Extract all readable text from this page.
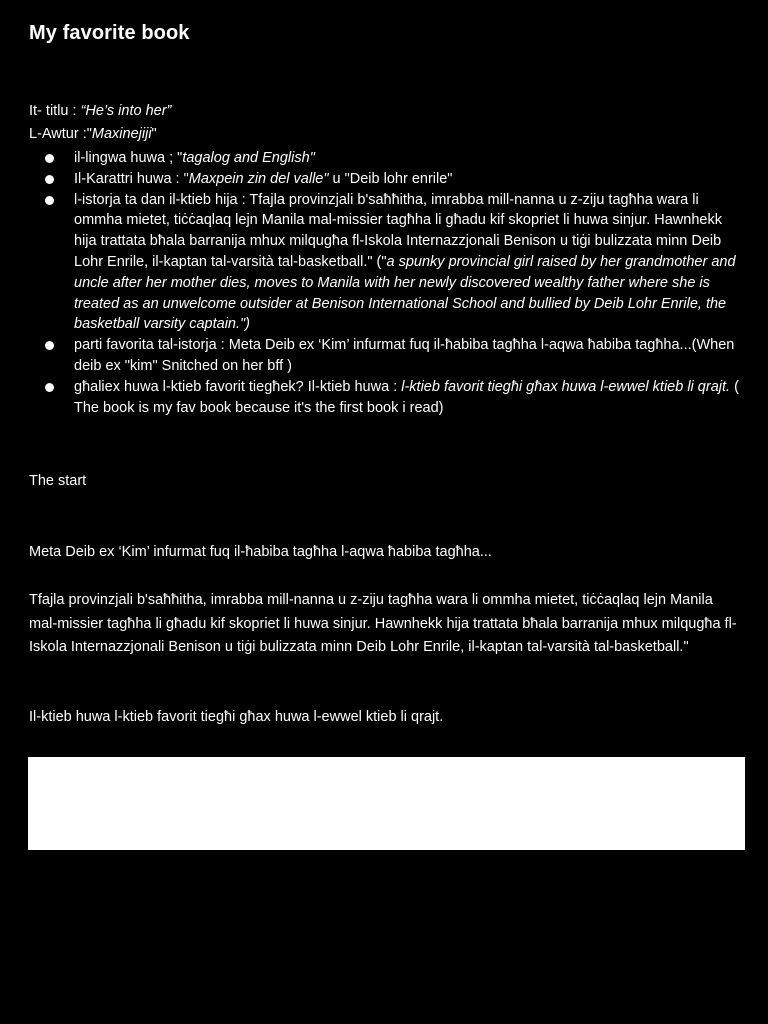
My favorite book
It- titlu : “He’s into her”
L-Awtur :"Maxinejiji"
il-lingwa huwa ; "tagalog and English"
Il-Karattri huwa : "Maxpein zin del valle" u "Deib lohr enrile"
l-istorja ta dan il-ktieb hija : Tfajla provinzjali b'saħħitha, imrabba mill-nanna u z-ziju tagħha wara li ommha mietet, tiċċaqlaq lejn Manila mal-missier tagħha li għadu kif skopriet li huwa sinjur. Hawnhekk hija trattata bħala barranija mhux milqugħa fl-Iskola Internazzjonali Benison u tiġi bulizzata minn Deib Lohr Enrile, il-kaptan tal-varsità tal-basketball." ("a spunky provincial girl raised by her grandmother and uncle after her mother dies, moves to Manila with her newly discovered wealthy father where she is treated as an unwelcome outsider at Benison International School and bullied by Deib Lohr Enrile, the basketball varsity captain.")
parti favorita tal-istorja : Meta Deib ex ‘Kim’ infurmat fuq il-ħabiba tagħha l-aqwa ħabiba tagħha...(When deib ex "kim" Snitched on her bff )
għaliex huwa l-ktieb favorit tiegħek? Il-ktieb huwa : l-ktieb favorit tiegħi għax huwa l-ewwel ktieb li qrajt. ( The book is my fav book because it's the first book i read)

The start

Meta Deib ex ‘Kim’ infurmat fuq il-ħabiba tagħha l-aqwa ħabiba tagħha...

Tfajla provinzjali b'saħħitha, imrabba mill-nanna u z-ziju tagħha wara li ommha mietet, tiċċaqlaq lejn Manila mal-missier tagħha li għadu kif skopriet li huwa sinjur. Hawnhekk hija trattata bħala barranija mhux milqugħa fl-Iskola Internazzjonali Benison u tiġi bulizzata minn Deib Lohr Enrile, il-kaptan tal-varsità tal-basketball."

Il-ktieb huwa l-ktieb favorit tiegħi għax huwa l-ewwel ktieb li qrajt.
